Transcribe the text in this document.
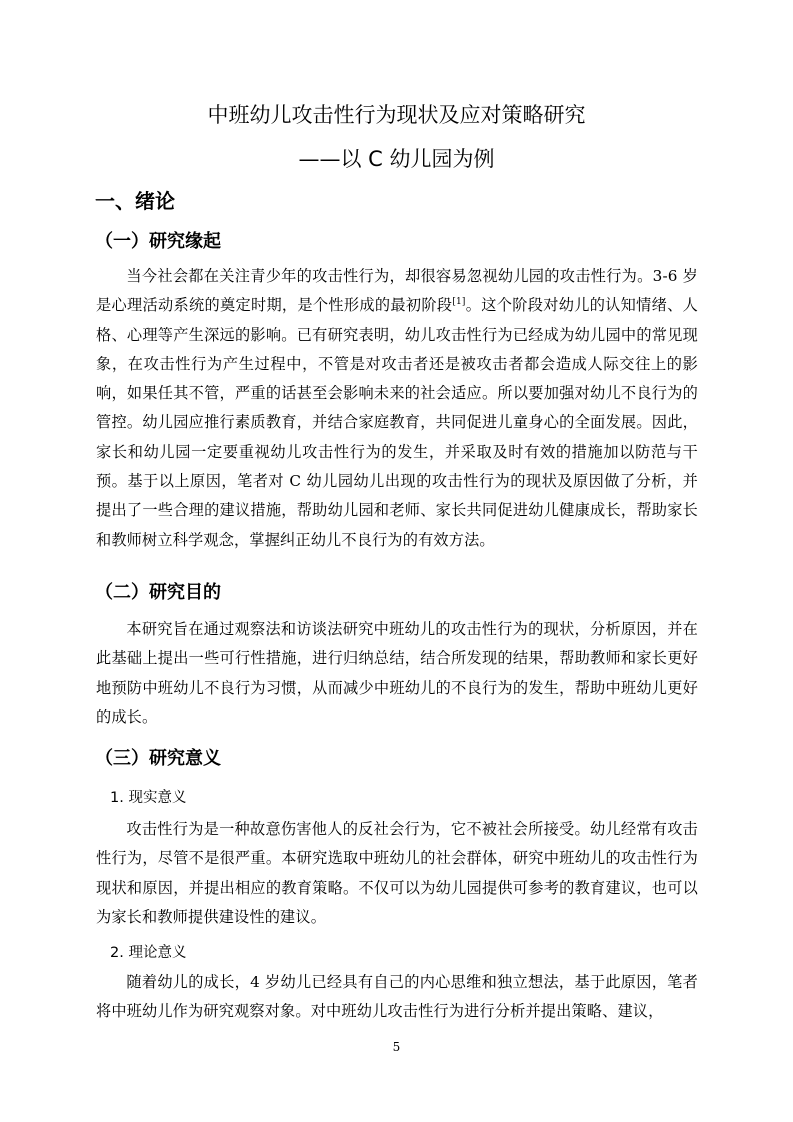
中班幼儿攻击性行为现状及应对策略研究
——以 C 幼儿园为例
一、绪论
（一）研究缘起
当今社会都在关注青少年的攻击性行为，却很容易忽视幼儿园的攻击性行为。3-6 岁是心理活动系统的奠定时期，是个性形成的最初阶段[1]。这个阶段对幼儿的认知情绪、人格、心理等产生深远的影响。已有研究表明，幼儿攻击性行为已经成为幼儿园中的常见现象，在攻击性行为产生过程中，不管是对攻击者还是被攻击者都会造成人际交往上的影响，如果任其不管，严重的话甚至会影响未来的社会适应。所以要加强对幼儿不良行为的管控。幼儿园应推行素质教育，并结合家庭教育，共同促进儿童身心的全面发展。因此，家长和幼儿园一定要重视幼儿攻击性行为的发生，并采取及时有效的措施加以防范与干预。基于以上原因，笔者对 C 幼儿园幼儿出现的攻击性行为的现状及原因做了分析，并提出了一些合理的建议措施，帮助幼儿园和老师、家长共同促进幼儿健康成长，帮助家长和教师树立科学观念，掌握纠正幼儿不良行为的有效方法。
（二）研究目的
本研究旨在通过观察法和访谈法研究中班幼儿的攻击性行为的现状，分析原因，并在此基础上提出一些可行性措施，进行归纳总结，结合所发现的结果，帮助教师和家长更好地预防中班幼儿不良行为习惯，从而减少中班幼儿的不良行为的发生，帮助中班幼儿更好的成长。
（三）研究意义
1. 现实意义
攻击性行为是一种故意伤害他人的反社会行为，它不被社会所接受。幼儿经常有攻击性行为，尽管不是很严重。本研究选取中班幼儿的社会群体，研究中班幼儿的攻击性行为现状和原因，并提出相应的教育策略。不仅可以为幼儿园提供可参考的教育建议，也可以为家长和教师提供建设性的建议。
2. 理论意义
随着幼儿的成长，4 岁幼儿已经具有自己的内心思维和独立想法，基于此原因，笔者将中班幼儿作为研究观察对象。对中班幼儿攻击性行为进行分析并提出策略、建议，
5
